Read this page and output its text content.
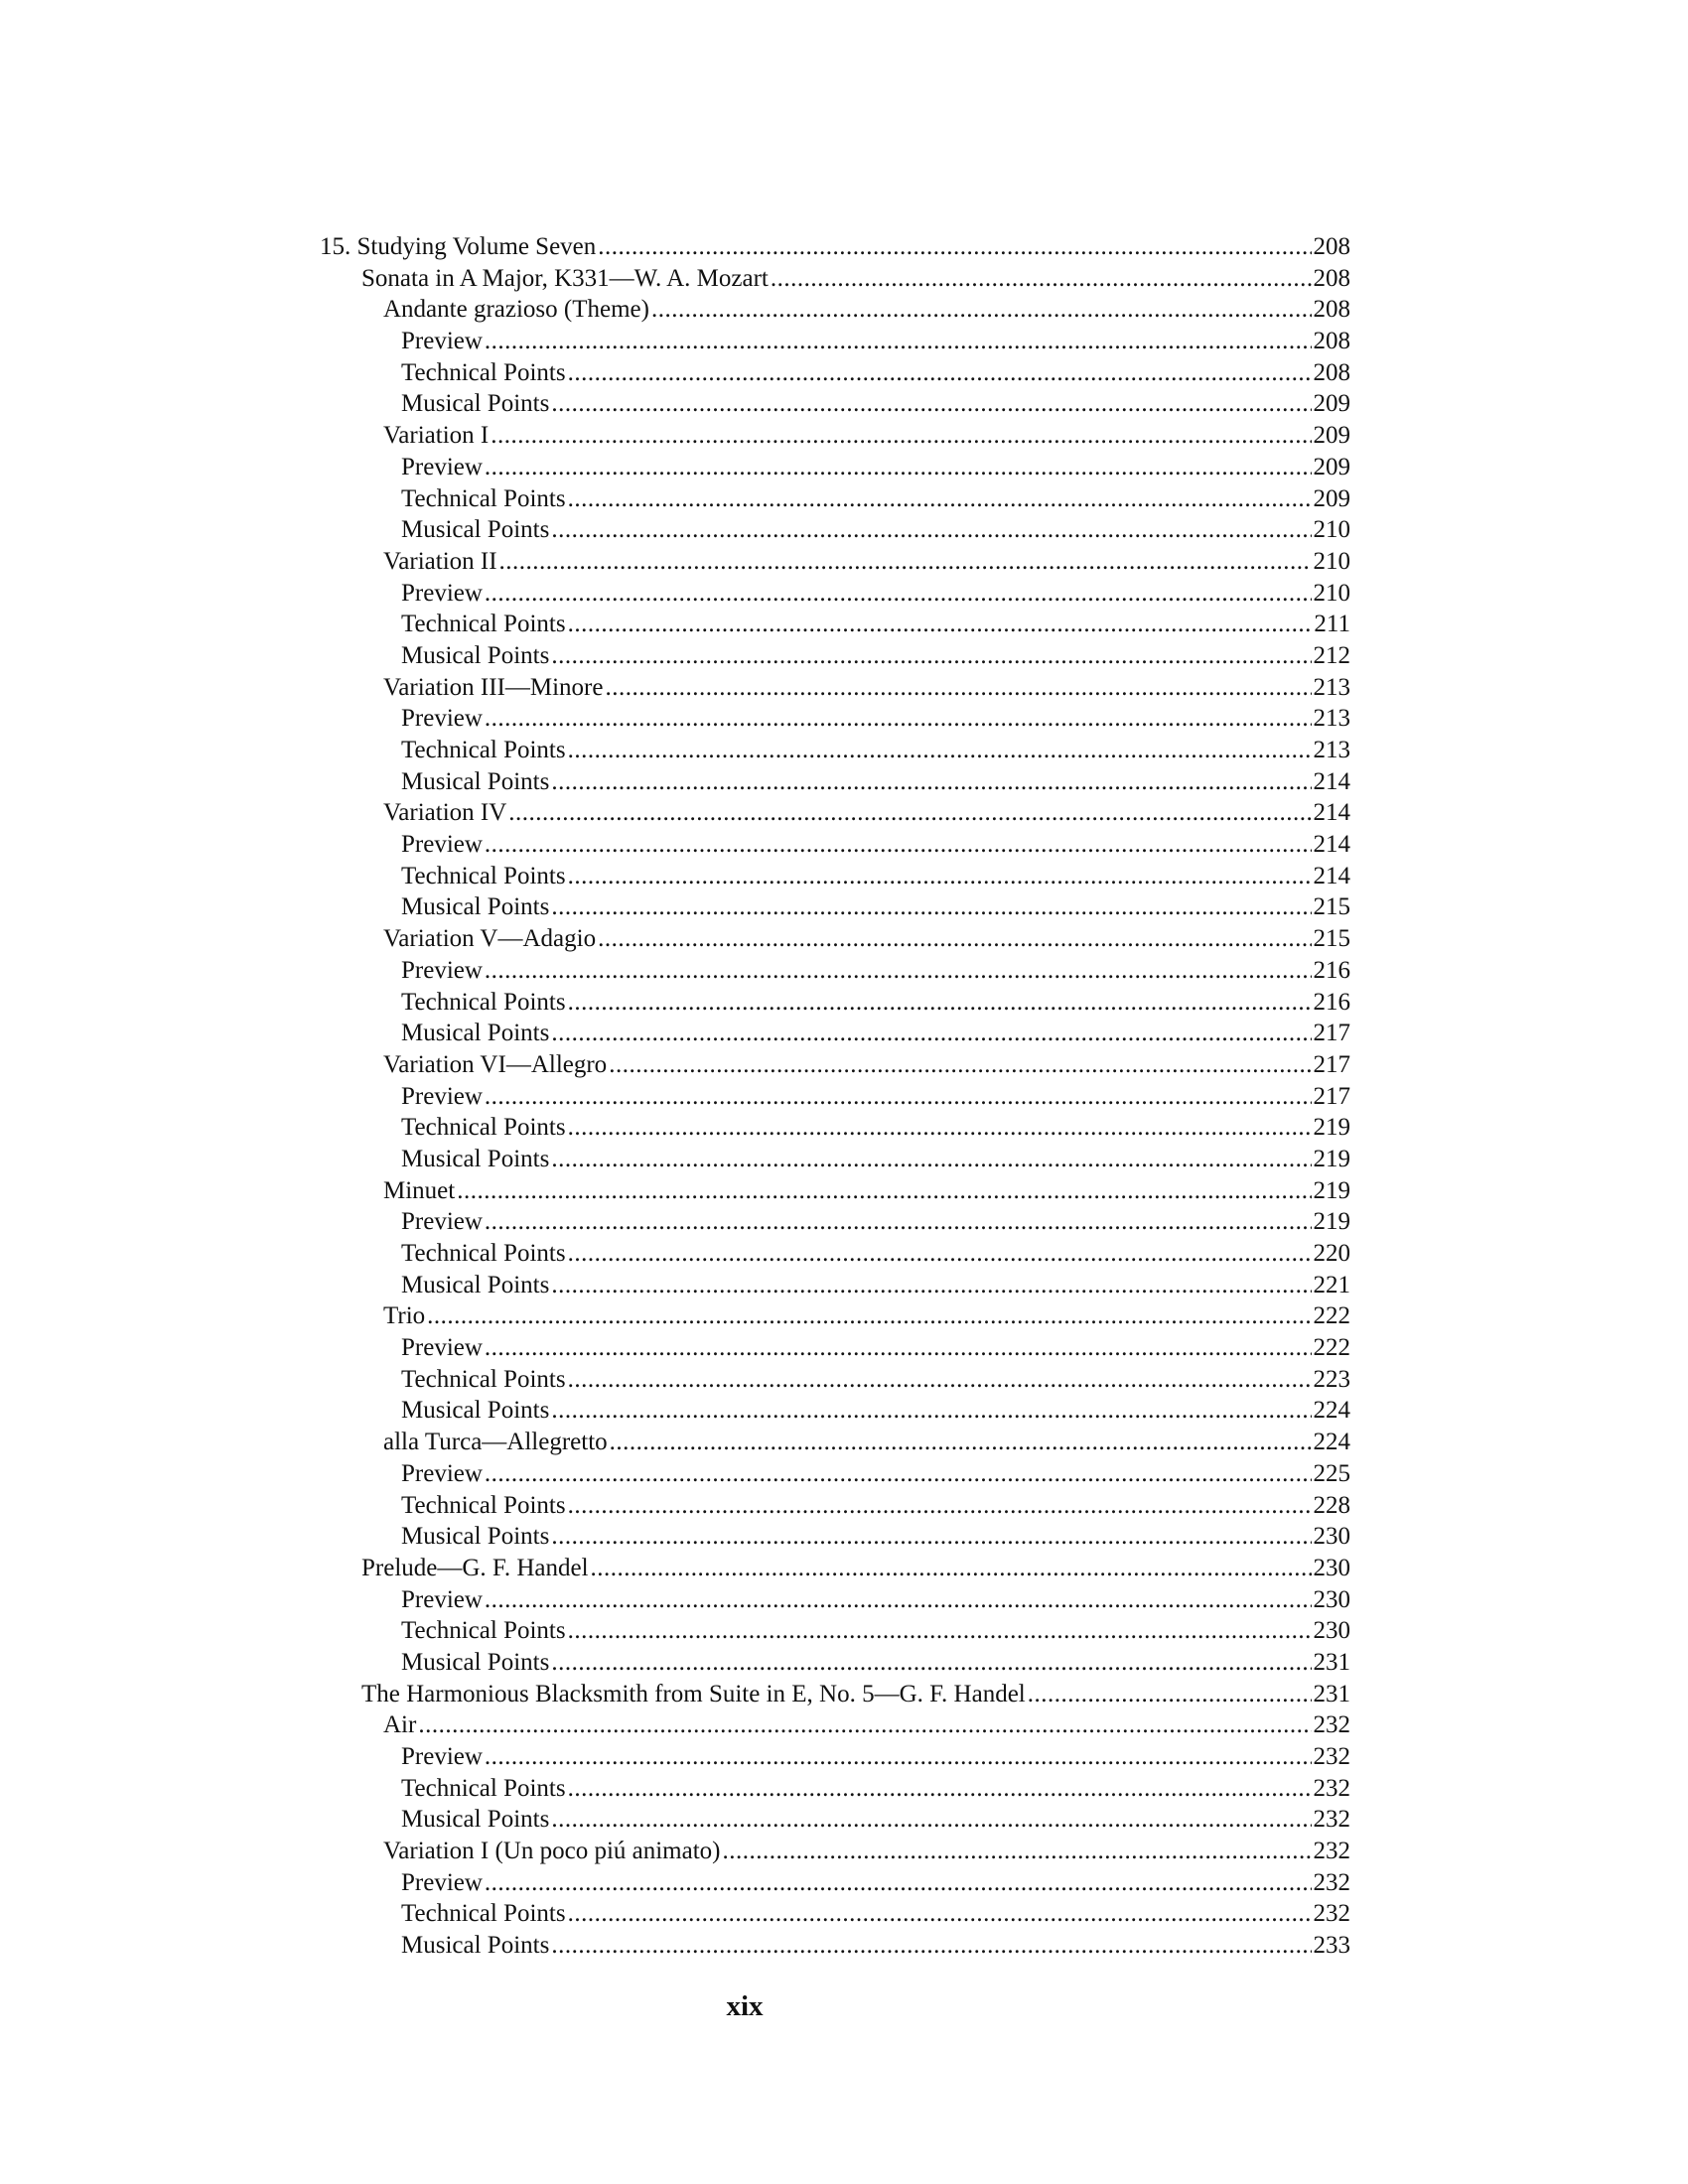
15. Studying Volume Seven .....	208
Sonata in A Major, K331—W. A. Mozart .....	208
Andante grazioso (Theme) .....	208
Preview .....	208
Technical Points .....	208
Musical Points .....	209
Variation I .....	209
Preview .....	209
Technical Points .....	209
Musical Points .....	210
Variation II .....	210
Preview .....	210
Technical Points .....	211
Musical Points .....	212
Variation III—Minore .....	213
Preview .....	213
Technical Points .....	213
Musical Points .....	214
Variation IV .....	214
Preview .....	214
Technical Points .....	214
Musical Points .....	215
Variation V—Adagio .....	215
Preview .....	216
Technical Points .....	216
Musical Points .....	217
Variation VI—Allegro .....	217
Preview .....	217
Technical Points .....	219
Musical Points .....	219
Minuet .....	219
Preview .....	219
Technical Points .....	220
Musical Points .....	221
Trio .....	222
Preview .....	222
Technical Points .....	223
Musical Points .....	224
alla Turca—Allegretto .....	224
Preview .....	225
Technical Points .....	228
Musical Points .....	230
Prelude—G. F. Handel .....	230
Preview .....	230
Technical Points .....	230
Musical Points .....	231
The Harmonious Blacksmith from Suite in E, No. 5—G. F. Handel .....	231
Air .....	232
Preview .....	232
Technical Points .....	232
Musical Points .....	232
Variation I (Un poco piú animato) .....	232
Preview .....	232
Technical Points .....	232
Musical Points .....	233
xix
